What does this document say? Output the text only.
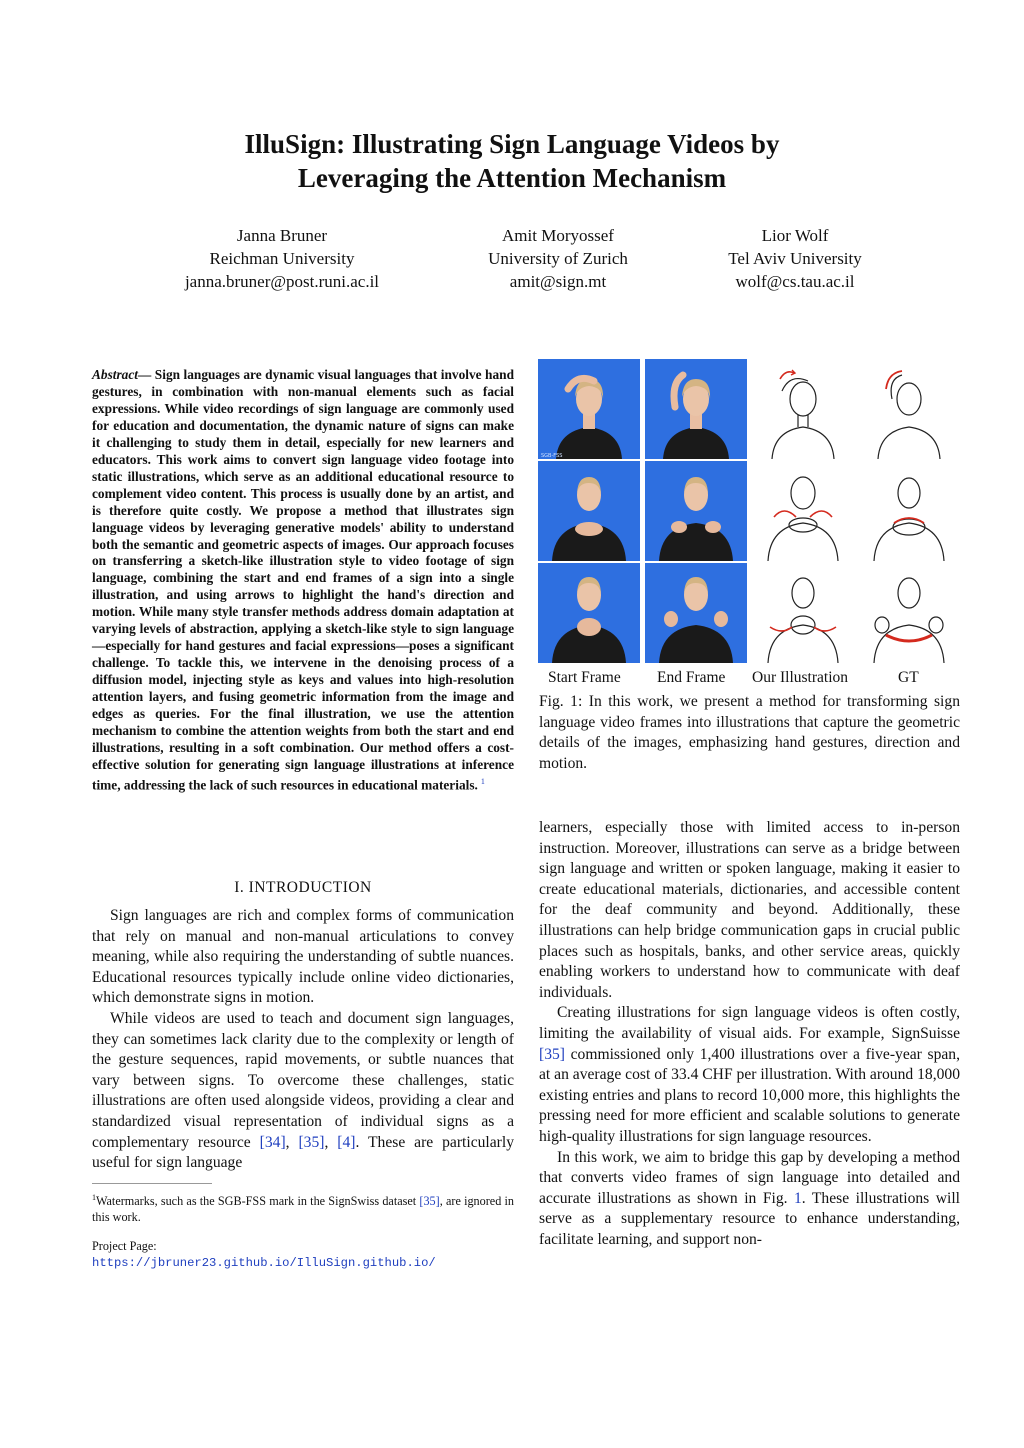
IlluSign: Illustrating Sign Language Videos by
Leveraging the Attention Mechanism
Janna Bruner
Reichman University
janna.bruner@post.runi.ac.il
Amit Moryossef
University of Zurich
amit@sign.mt
Lior Wolf
Tel Aviv University
wolf@cs.tau.ac.il
Abstract— Sign languages are dynamic visual languages that involve hand gestures, in combination with non-manual elements such as facial expressions. While video recordings of sign language are commonly used for education and documentation, the dynamic nature of signs can make it challenging to study them in detail, especially for new learners and educators. This work aims to convert sign language video footage into static illustrations, which serve as an additional educational resource to complement video content. This process is usually done by an artist, and is therefore quite costly. We propose a method that illustrates sign language videos by leveraging generative models' ability to understand both the semantic and geometric aspects of images. Our approach focuses on transferring a sketch-like illustration style to video footage of sign language, combining the start and end frames of a sign into a single illustration, and using arrows to highlight the hand's direction and motion. While many style transfer methods address domain adaptation at varying levels of abstraction, applying a sketch-like style to sign language—especially for hand gestures and facial expressions—poses a significant challenge. To tackle this, we intervene in the denoising process of a diffusion model, injecting style as keys and values into high-resolution attention layers, and fusing geometric information from the image and edges as queries. For the final illustration, we use the attention mechanism to combine the attention weights from both the start and end illustrations, resulting in a soft combination. Our method offers a cost-effective solution for generating sign language illustrations at inference time, addressing the lack of such resources in educational materials. $^1$
I. INTRODUCTION

Sign languages are rich and complex forms of communication that rely on manual and non-manual articulations to convey meaning, while also requiring the understanding of subtle nuances. Educational resources typically include online video dictionaries, which demonstrate signs in motion.

While videos are used to teach and document sign languages, they can sometimes lack clarity due to the complexity or length of the gesture sequences, rapid movements, or subtle nuances that vary between signs. To overcome these challenges, static illustrations are often used alongside videos, providing a clear and standardized visual representation of individual signs as a complementary resource [34], [35], [4]. These are particularly useful for sign language

$^1$Watermarks, such as the SGB-FSS mark in the SignSwiss dataset [35], are ignored in this work.
Project Page:
https://jbruner23.github.io/IlluSign.github.io/
SGB-FSS
Start Frame End Frame Our Illustration	GT
Fig. 1: In this work, we present a method for transforming sign language video frames into illustrations that capture the geometric details of the images, emphasizing hand gestures, direction and motion.

learners, especially those with limited access to in-person instruction. Moreover, illustrations can serve as a bridge between sign language and written or spoken language, making it easier to create educational materials, dictionaries, and accessible content for the deaf community and beyond. Additionally, these illustrations can help bridge communication gaps in crucial public places such as hospitals, banks, and other service areas, quickly enabling workers to understand how to communicate with deaf individuals.

Creating illustrations for sign language videos is often costly, limiting the availability of visual aids. For example, SignSuisse [35] commissioned only 1,400 illustrations over a five-year span, at an average cost of 33.4 CHF per illustration. With around 18,000 existing entries and plans to record 10,000 more, this highlights the pressing need for more efficient and scalable solutions to generate high-quality illustrations for sign language resources.

In this work, we aim to bridge this gap by developing a method that converts video frames of sign language into detailed and accurate illustrations as shown in Fig. 1. These illustrations will serve as a supplementary resource to enhance understanding, facilitate learning, and support non-
